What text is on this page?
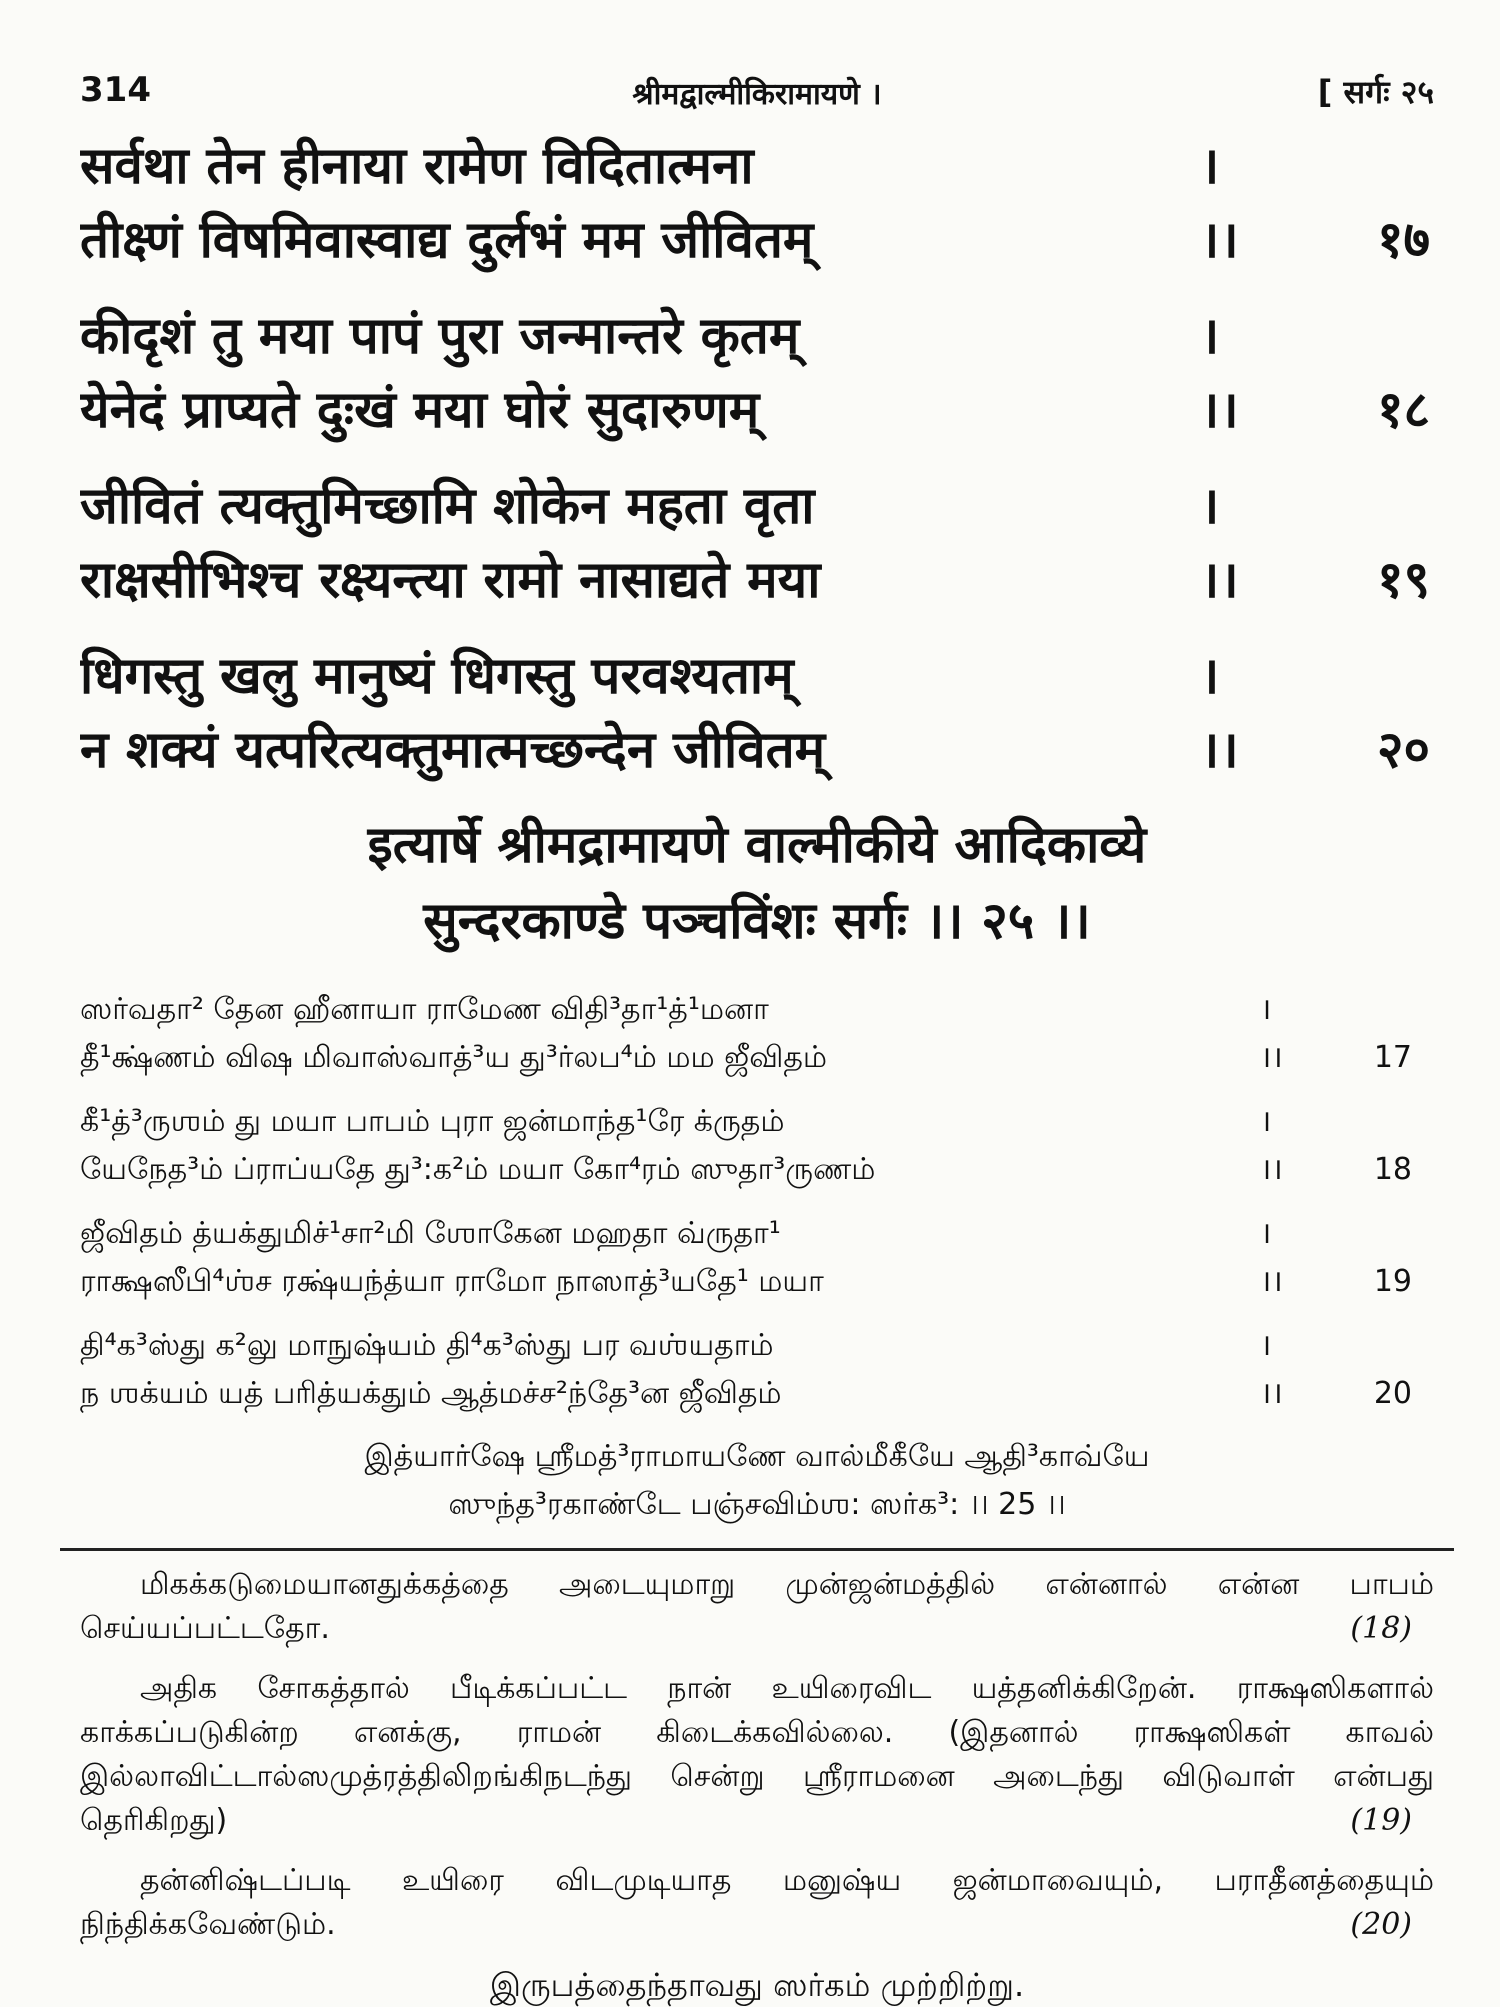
314	श्रीमद्वाल्मीकिरामायणे ।	[ सर्गः २५
सर्वथा तेन हीनाया रामेण विदितात्मना	।
तीक्ष्णं विषमिवास्वाद्य दुर्लभं मम जीवितम्	।।	१७
कीदृशं तु मया पापं पुरा जन्मान्तरे कृतम्	।
येनेदं प्राप्यते दुःखं मया घोरं सुदारुणम्	।।	१८
जीवितं त्यक्तुमिच्छामि शोकेन महता वृता	।
राक्षसीभिश्च रक्ष्यन्त्या रामो नासाद्यते मया	।।	१९
धिगस्तु खलु मानुष्यं धिगस्तु परवश्यताम्	।
न शक्यं यत्परित्यक्तुमात्मच्छन्देन जीवितम्	।।	२०
इत्यार्षे श्रीमद्रामायणे वाल्मीकीये आदिकाव्ये
सुन्दरकाण्डे पञ्चविंशः सर्गः ।। २५ ।।
ஸர்வதா² தேன ஹீனாயா ராமேண விதி³தா¹த்¹மனா	।
தீ¹க்ஷ்ணம் விஷ மிவாஸ்வாத்³ய து³ர்லப⁴ம் மம ஜீவிதம்	।।	17
கீ¹த்³ருஶம் து மயா பாபம் புரா ஜன்மாந்த¹ரே க்ருதம்	।
யேநேத³ம் ப்ராப்யதே து³:க²ம் மயா கோ⁴ரம் ஸுதா³ருணம்	।।	18
ஜீவிதம் த்யக்துமிச்¹சா²மி ஶோகேன மஹதா வ்ருதா¹	।
ராக்ஷஸீபி⁴ஶ்ச ரக்ஷ்யந்த்யா ராமோ நாஸாத்³யதே¹ மயா	।।	19
தி⁴க³ஸ்து க²லு மாநுஷ்யம் தி⁴க³ஸ்து பர வஶ்யதாம்	।
ந ஶக்யம் யத் பரித்யக்தும் ஆத்மச்ச²ந்தே³ன ஜீவிதம்	।।	20
இத்யார்ஷே ஶ்ரீமத்³ராமாயணே வால்மீகீயே ஆதி³காவ்யே
ஸுந்த³ரகாண்டே பஞ்சவிம்ஶ: ஸர்க³: ।। 25 ।।

மிகக்கடுமையானதுக்கத்தை அடையுமாறு முன்ஜன்மத்தில் என்னால் என்ன பாபம் செய்யப்பட்டதோ.	(18)

அதிக சோகத்தால் பீடிக்கப்பட்ட நான் உயிரைவிட யத்தனிக்கிறேன். ராக்ஷஸிகளால் காக்கப்படுகின்ற எனக்கு, ராமன் கிடைக்கவில்லை. (இதனால் ராக்ஷஸிகள் காவல் இல்லாவிட்டால்ஸமுத்ரத்திலிறங்கிநடந்து சென்று ஸ்ரீராமனை அடைந்து விடுவாள் என்பது தெரிகிறது)	(19)

தன்னிஷ்டப்படி உயிரை விடமுடியாத மனுஷ்ய ஜன்மாவையும், பராதீனத்தையும் நிந்திக்கவேண்டும்.	(20)
இருபத்தைந்தாவது ஸர்கம் முற்றிற்று.
